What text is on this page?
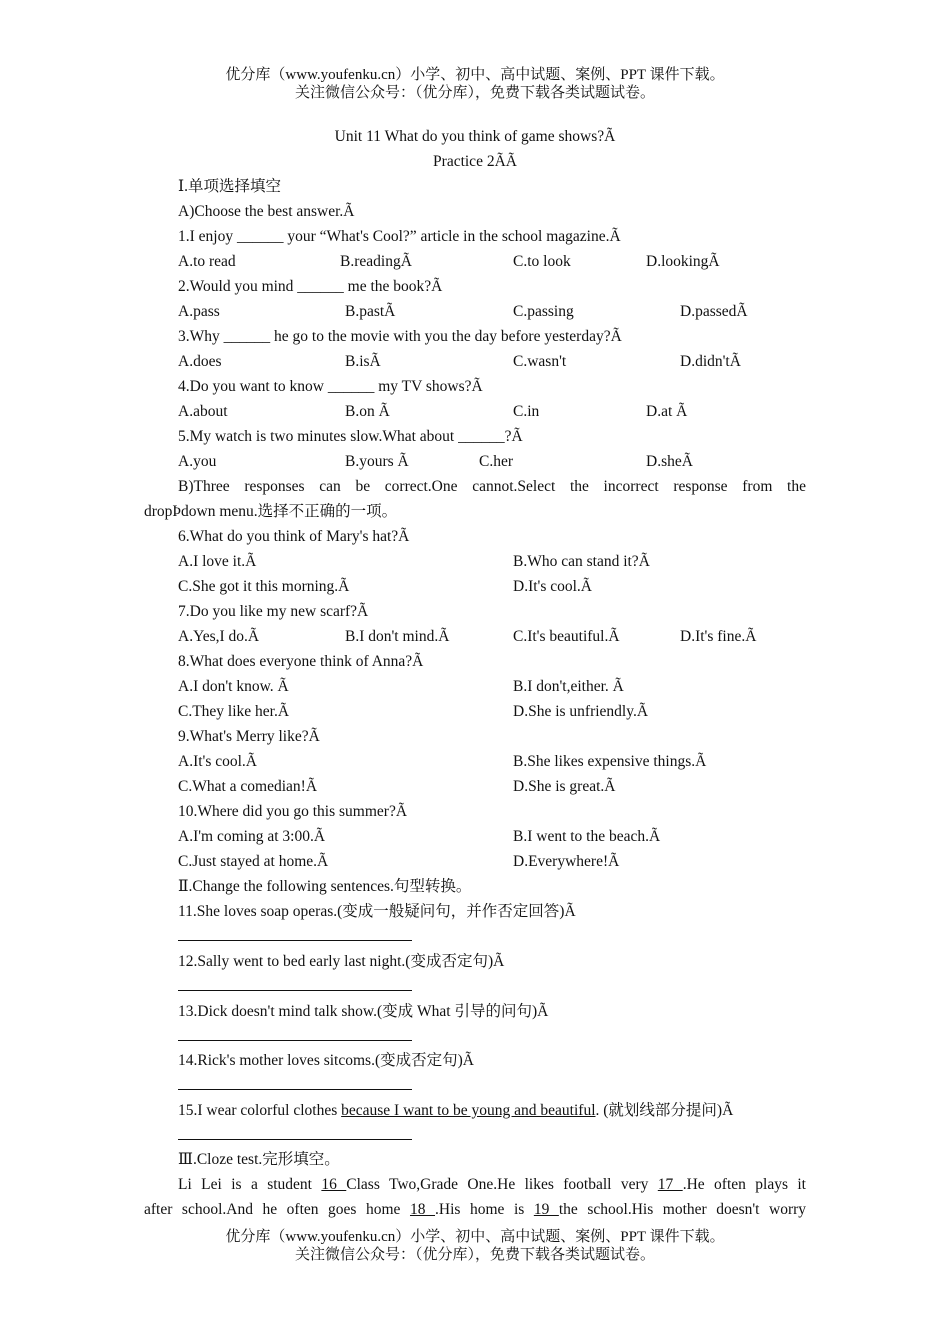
优分库（www.youfenku.cn）小学、初中、高中试题、案例、PPT 课件下载。
关注微信公众号：（优分库），免费下载各类试题试卷。
Unit 11 What do you think of game shows?Ã
Practice 2ÃÃ
Ⅰ.单项选择填空
A)Choose the best answer.Ã
1.I enjoy ______ your “What's Cool?” article in the school magazine.Ã
A.to read	B.readingÃ	C.to look	D.lookingÃ
2.Would you mind ______ me the book?Ã
A.pass	B.pastÃ	C.passing	D.passedÃ
3.Why ______ he go to the movie with you the day before yesterday?Ã
A.does	B.isÃ	C.wasn't	D.didn'tÃ
4.Do you want to know ______ my TV shows?Ã
A.about	B.on Ã	C.in	D.at Ã
5.My watch is two minutes slow.What about ______?Ã
A.you	B.yours Ã	C.her	D.sheÃ
B)Three responses can be correct.One cannot.Select the incorrect response from the
dropÞdown menu.选择不正确的一项。
6.What do you think of Mary's hat?Ã
A.I love it.Ã	B.Who can stand it?Ã
C.She got it this morning.Ã	D.It's cool.Ã
7.Do you like my new scarf?Ã
A.Yes,I do.Ã	B.I don't mind.Ã	C.It's beautiful.Ã	D.It's fine.Ã
8.What does everyone think of Anna?Ã
A.I don't know. Ã	B.I don't,either. Ã
C.They like her.Ã	D.She is unfriendly.Ã
9.What's Merry like?Ã
A.It's cool.Ã	B.She likes expensive things.Ã
C.What a comedian!Ã	D.She is great.Ã
10.Where did you go this summer?Ã
A.I'm coming at 3:00.Ã	B.I went to the beach.Ã
C.Just stayed at home.Ã	D.Everywhere!Ã
Ⅱ.Change the following sentences.句型转换。
11.She loves soap operas.(变成一般疑问句，并作否定回答)Ã
12.Sally went to bed early last night.(变成否定句)Ã
13.Dick doesn't mind talk show.(变成 What 引导的问句)Ã
14.Rick's mother loves sitcoms.(变成否定句)Ã
15.I wear colorful clothes because I want to be young and beautiful. (就划线部分提问)Ã
Ⅲ.Cloze test.完形填空。
Li Lei is a student 16 Class Two,Grade One.He likes football very 17 .He often plays it
after school.And he often goes home 18 .His home is 19 the school.His mother doesn't worry
优分库（www.youfenku.cn）小学、初中、高中试题、案例、PPT 课件下载。
关注微信公众号：（优分库），免费下载各类试题试卷。
